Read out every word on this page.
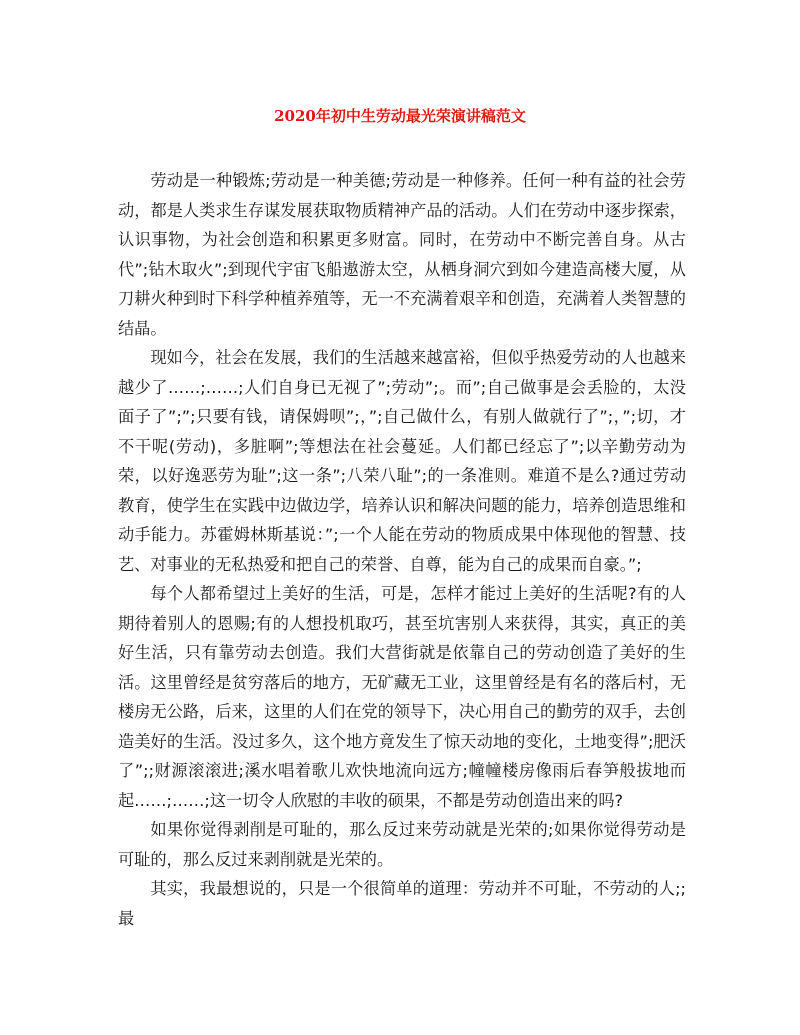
2020年初中生劳动最光荣演讲稿范文

劳动是一种锻炼;劳动是一种美德;劳动是一种修养。任何一种有益的社会劳动，都是人类求生存谋发展获取物质精神产品的活动。人们在劳动中逐步探索，认识事物，为社会创造和积累更多财富。同时，在劳动中不断完善自身。从古代”;钻木取火”;到现代宇宙飞船遨游太空，从栖身洞穴到如今建造高楼大厦，从刀耕火种到时下科学种植养殖等，无一不充满着艰辛和创造，充满着人类智慧的结晶。

现如今，社会在发展，我们的生活越来越富裕，但似乎热爱劳动的人也越来越少了……;……;人们自身已无视了”;劳动”;。而”;自己做事是会丢脸的，太没面子了”;”;只要有钱，请保姆呗”;，”;自己做什么，有别人做就行了”;，”;切，才不干呢(劳动)，多脏啊”;等想法在社会蔓延。人们都已经忘了”;以辛勤劳动为荣，以好逸恶劳为耻”;这一条”;八荣八耻”;的一条准则。难道不是么?通过劳动教育，使学生在实践中边做边学，培养认识和解决问题的能力，培养创造思维和动手能力。苏霍姆林斯基说：”;一个人能在劳动的物质成果中体现他的智慧、技艺、对事业的无私热爱和把自己的荣誉、自尊，能为自己的成果而自豪。”;

每个人都希望过上美好的生活，可是，怎样才能过上美好的生活呢?有的人期待着别人的恩赐;有的人想投机取巧，甚至坑害别人来获得，其实，真正的美好生活，只有靠劳动去创造。我们大营街就是依靠自己的劳动创造了美好的生活。这里曾经是贫穷落后的地方，无矿藏无工业，这里曾经是有名的落后村，无楼房无公路，后来，这里的人们在党的领导下，决心用自己的勤劳的双手，去创造美好的生活。没过多久，这个地方竟发生了惊天动地的变化，土地变得”;肥沃了”;;财源滚滚进;溪水唱着歌儿欢快地流向远方;幢幢楼房像雨后春笋般拔地而起……;……;这一切令人欣慰的丰收的硕果，不都是劳动创造出来的吗?

如果你觉得剥削是可耻的，那么反过来劳动就是光荣的;如果你觉得劳动是可耻的，那么反过来剥削就是光荣的。

其实，我最想说的，只是一个很简单的道理：劳动并不可耻，不劳动的人;;最
